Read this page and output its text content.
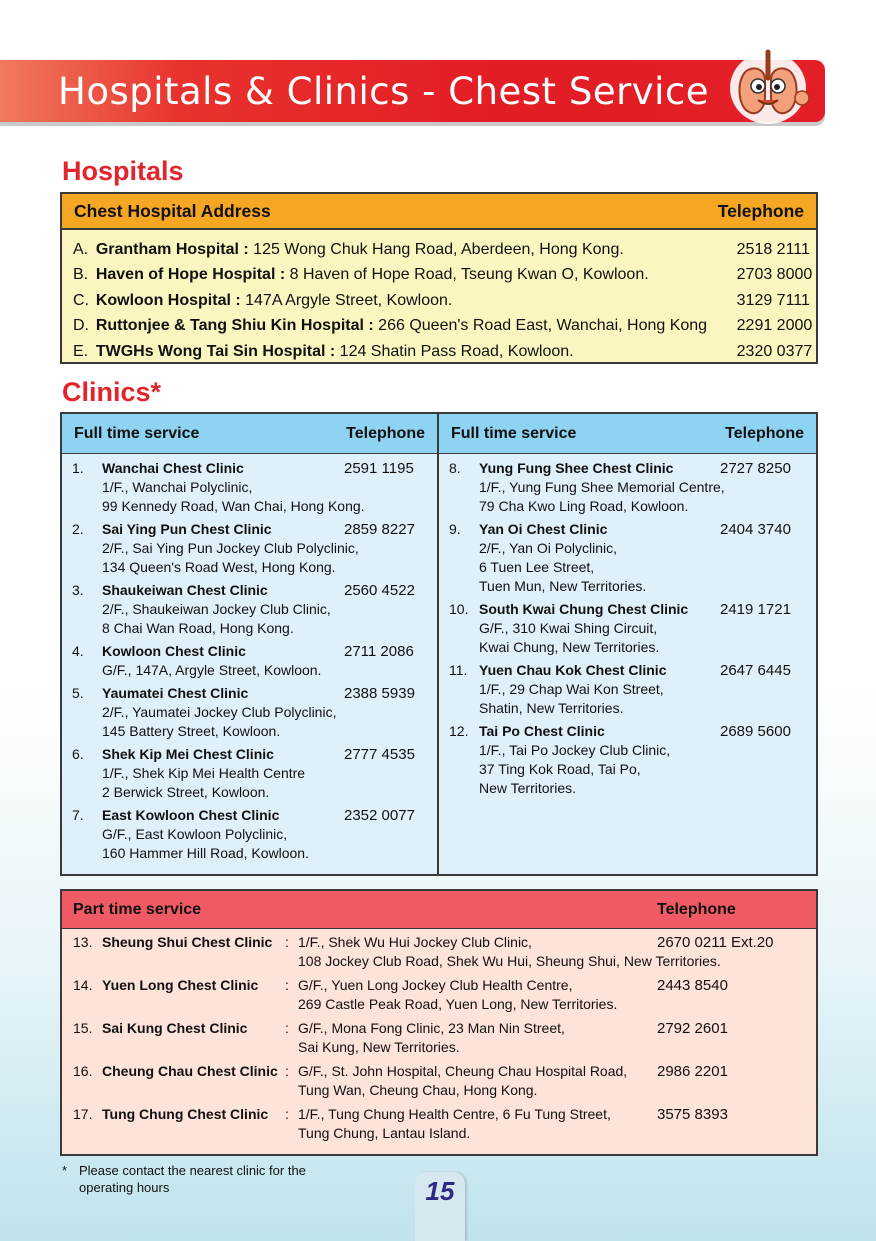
Hospitals & Clinics - Chest Service
Hospitals
Chest Hospital Address	Telephone
A. Grantham Hospital : 125 Wong Chuk Hang Road, Aberdeen, Hong Kong.	2518 2111
B. Haven of Hope Hospital : 8 Haven of Hope Road, Tseung Kwan O, Kowloon.	2703 8000
C. Kowloon Hospital : 147A Argyle Street, Kowloon.	3129 7111
D. Ruttonjee & Tang Shiu Kin Hospital : 266 Queen's Road East, Wanchai, Hong Kong	2291 2000
E. TWGHs Wong Tai Sin Hospital : 124 Shatin Pass Road, Kowloon.	2320 0377
Clinics*
Full time service	Telephone
1. Wanchai Chest Clinic
1/F., Wanchai Polyclinic,
99 Kennedy Road, Wan Chai, Hong Kong.
2591 1195
2. Sai Ying Pun Chest Clinic
2/F., Sai Ying Pun Jockey Club Polyclinic,
134 Queen's Road West, Hong Kong.
2859 8227
3. Shaukeiwan Chest Clinic
2/F., Shaukeiwan Jockey Club Clinic,
8 Chai Wan Road, Hong Kong.
2560 4522
4. Kowloon Chest Clinic
G/F., 147A, Argyle Street, Kowloon.
2711 2086
5. Yaumatei Chest Clinic
2/F., Yaumatei Jockey Club Polyclinic,
145 Battery Street, Kowloon.
2388 5939
6. Shek Kip Mei Chest Clinic
1/F., Shek Kip Mei Health Centre
2 Berwick Street, Kowloon.
2777 4535
7. East Kowloon Chest Clinic
G/F., East Kowloon Polyclinic,
160 Hammer Hill Road, Kowloon.
2352 0077
Full time service	Telephone
8. Yung Fung Shee Chest Clinic
1/F., Yung Fung Shee Memorial Centre,
79 Cha Kwo Ling Road, Kowloon.
2727 8250
9. Yan Oi Chest Clinic
2/F., Yan Oi Polyclinic,
6 Tuen Lee Street,
Tuen Mun, New Territories.
2404 3740
10. South Kwai Chung Chest Clinic
G/F., 310 Kwai Shing Circuit,
Kwai Chung, New Territories.
2419 1721
11. Yuen Chau Kok Chest Clinic
1/F., 29 Chap Wai Kon Street,
Shatin, New Territories.
2647 6445
12. Tai Po Chest Clinic
1/F., Tai Po Jockey Club Clinic,
37 Ting Kok Road, Tai Po,
New Territories.
2689 5600
Part time service	Telephone
13. Sheung Shui Chest Clinic : 1/F., Shek Wu Hui Jockey Club Clinic,
108 Jockey Club Road, Shek Wu Hui, Sheung Shui, New Territories.
2670 0211 Ext.20
14. Yuen Long Chest Clinic : G/F., Yuen Long Jockey Club Health Centre,
269 Castle Peak Road, Yuen Long, New Territories.
2443 8540
15. Sai Kung Chest Clinic	: G/F., Mona Fong Clinic, 23 Man Nin Street,
Sai Kung, New Territories.
2792 2601
16. Cheung Chau Chest Clinic : G/F., St. John Hospital, Cheung Chau Hospital Road,
Tung Wan, Cheung Chau, Hong Kong.
2986 2201
17. Tung Chung Chest Clinic : 1/F., Tung Chung Health Centre, 6 Fu Tung Street,
Tung Chung, Lantau Island.
3575 8393
* Please contact the nearest clinic for the
operating hours	15
